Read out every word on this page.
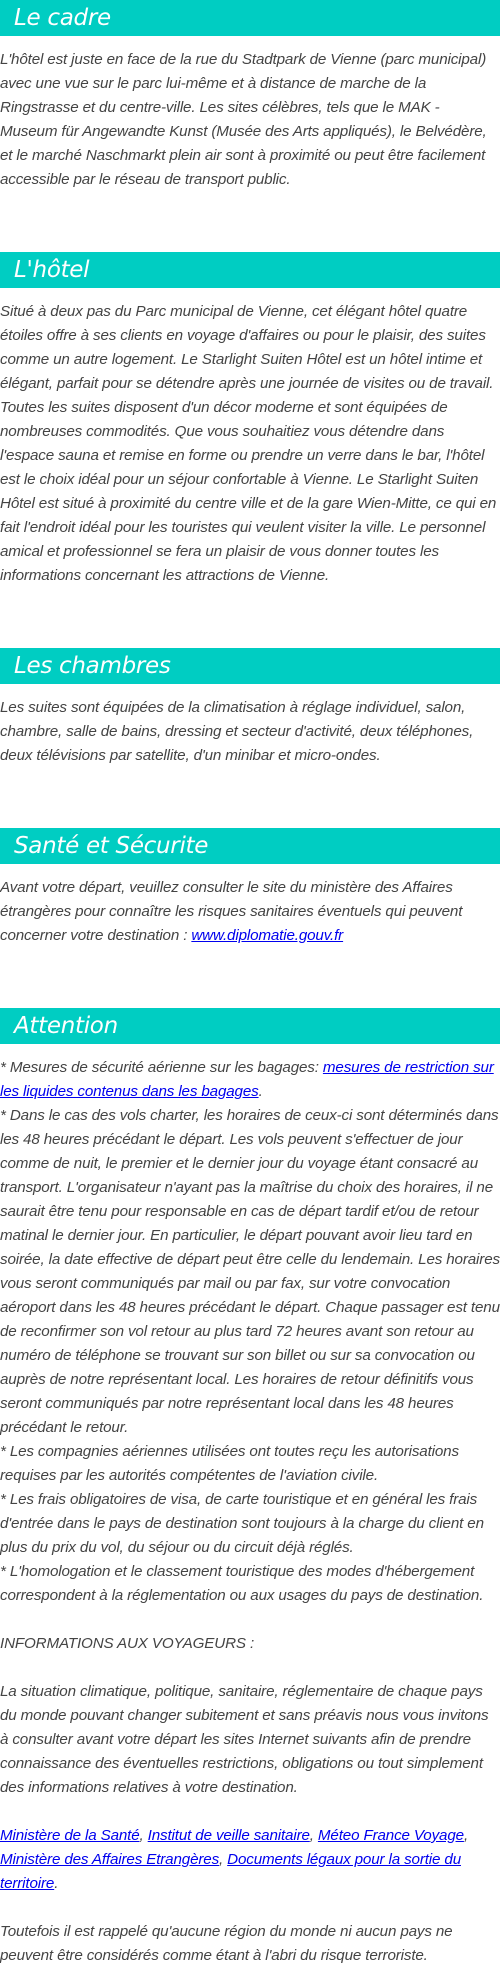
Le cadre

L'hôtel est juste en face de la rue du Stadtpark de Vienne (parc municipal) avec une vue sur le parc lui-même et à distance de marche de la Ringstrasse et du centre-ville. Les sites célèbres, tels que le MAK - Museum für Angewandte Kunst (Musée des Arts appliqués), le Belvédère, et le marché Naschmarkt plein air sont à proximité ou peut être facilement accessible par le réseau de transport public.

L'hôtel

Situé à deux pas du Parc municipal de Vienne, cet élégant hôtel quatre étoiles offre à ses clients en voyage d'affaires ou pour le plaisir, des suites comme un autre logement. Le Starlight Suiten Hôtel est un hôtel intime et élégant, parfait pour se détendre après une journée de visites ou de travail. Toutes les suites disposent d'un décor moderne et sont équipées de nombreuses commodités. Que vous souhaitiez vous détendre dans l'espace sauna et remise en forme ou prendre un verre dans le bar, l'hôtel est le choix idéal pour un séjour confortable à Vienne. Le Starlight Suiten Hôtel est situé à proximité du centre ville et de la gare Wien-Mitte, ce qui en fait l'endroit idéal pour les touristes qui veulent visiter la ville. Le personnel amical et professionnel se fera un plaisir de vous donner toutes les informations concernant les attractions de Vienne.

Les chambres

Les suites sont équipées de la climatisation à réglage individuel, salon, chambre, salle de bains, dressing et secteur d'activité, deux téléphones, deux télévisions par satellite, d'un minibar et micro-ondes.

Santé et Sécurite

Avant votre départ, veuillez consulter le site du ministère des Affaires étrangères pour connaître les risques sanitaires éventuels qui peuvent concerner votre destination : www.diplomatie.gouv.fr

Attention
* Mesures de sécurité aérienne sur les bagages: mesures de restriction sur les liquides contenus dans les bagages.
* Dans le cas des vols charter, les horaires de ceux-ci sont déterminés dans les 48 heures précédant le départ. Les vols peuvent s'effectuer de jour comme de nuit, le premier et le dernier jour du voyage étant consacré au transport. L'organisateur n'ayant pas la maîtrise du choix des horaires, il ne saurait être tenu pour responsable en cas de départ tardif et/ou de retour matinal le dernier jour. En particulier, le départ pouvant avoir lieu tard en soirée, la date effective de départ peut être celle du lendemain. Les horaires vous seront communiqués par mail ou par fax, sur votre convocation aéroport dans les 48 heures précédant le départ. Chaque passager est tenu de reconfirmer son vol retour au plus tard 72 heures avant son retour au numéro de téléphone se trouvant sur son billet ou sur sa convocation ou auprès de notre représentant local. Les horaires de retour définitifs vous seront communiqués par notre représentant local dans les 48 heures précédant le retour.
* Les compagnies aériennes utilisées ont toutes reçu les autorisations requises par les autorités compétentes de l'aviation civile.
* Les frais obligatoires de visa, de carte touristique et en général les frais d'entrée dans le pays de destination sont toujours à la charge du client en plus du prix du vol, du séjour ou du circuit déjà réglés.
* L'homologation et le classement touristique des modes d'hébergement correspondent à la réglementation ou aux usages du pays de destination.
INFORMATIONS AUX VOYAGEURS :
La situation climatique, politique, sanitaire, réglementaire de chaque pays du monde pouvant changer subitement et sans préavis nous vous invitons à consulter avant votre départ les sites Internet suivants afin de prendre connaissance des éventuelles restrictions, obligations ou tout simplement des informations relatives à votre destination.
Ministère de la Santé, Institut de veille sanitaire, Méteo France Voyage, Ministère des Affaires Etrangères, Documents légaux pour la sortie du territoire.
Toutefois il est rappelé qu'aucune région du monde ni aucun pays ne peuvent être considérés comme étant à l'abri du risque terroriste.
